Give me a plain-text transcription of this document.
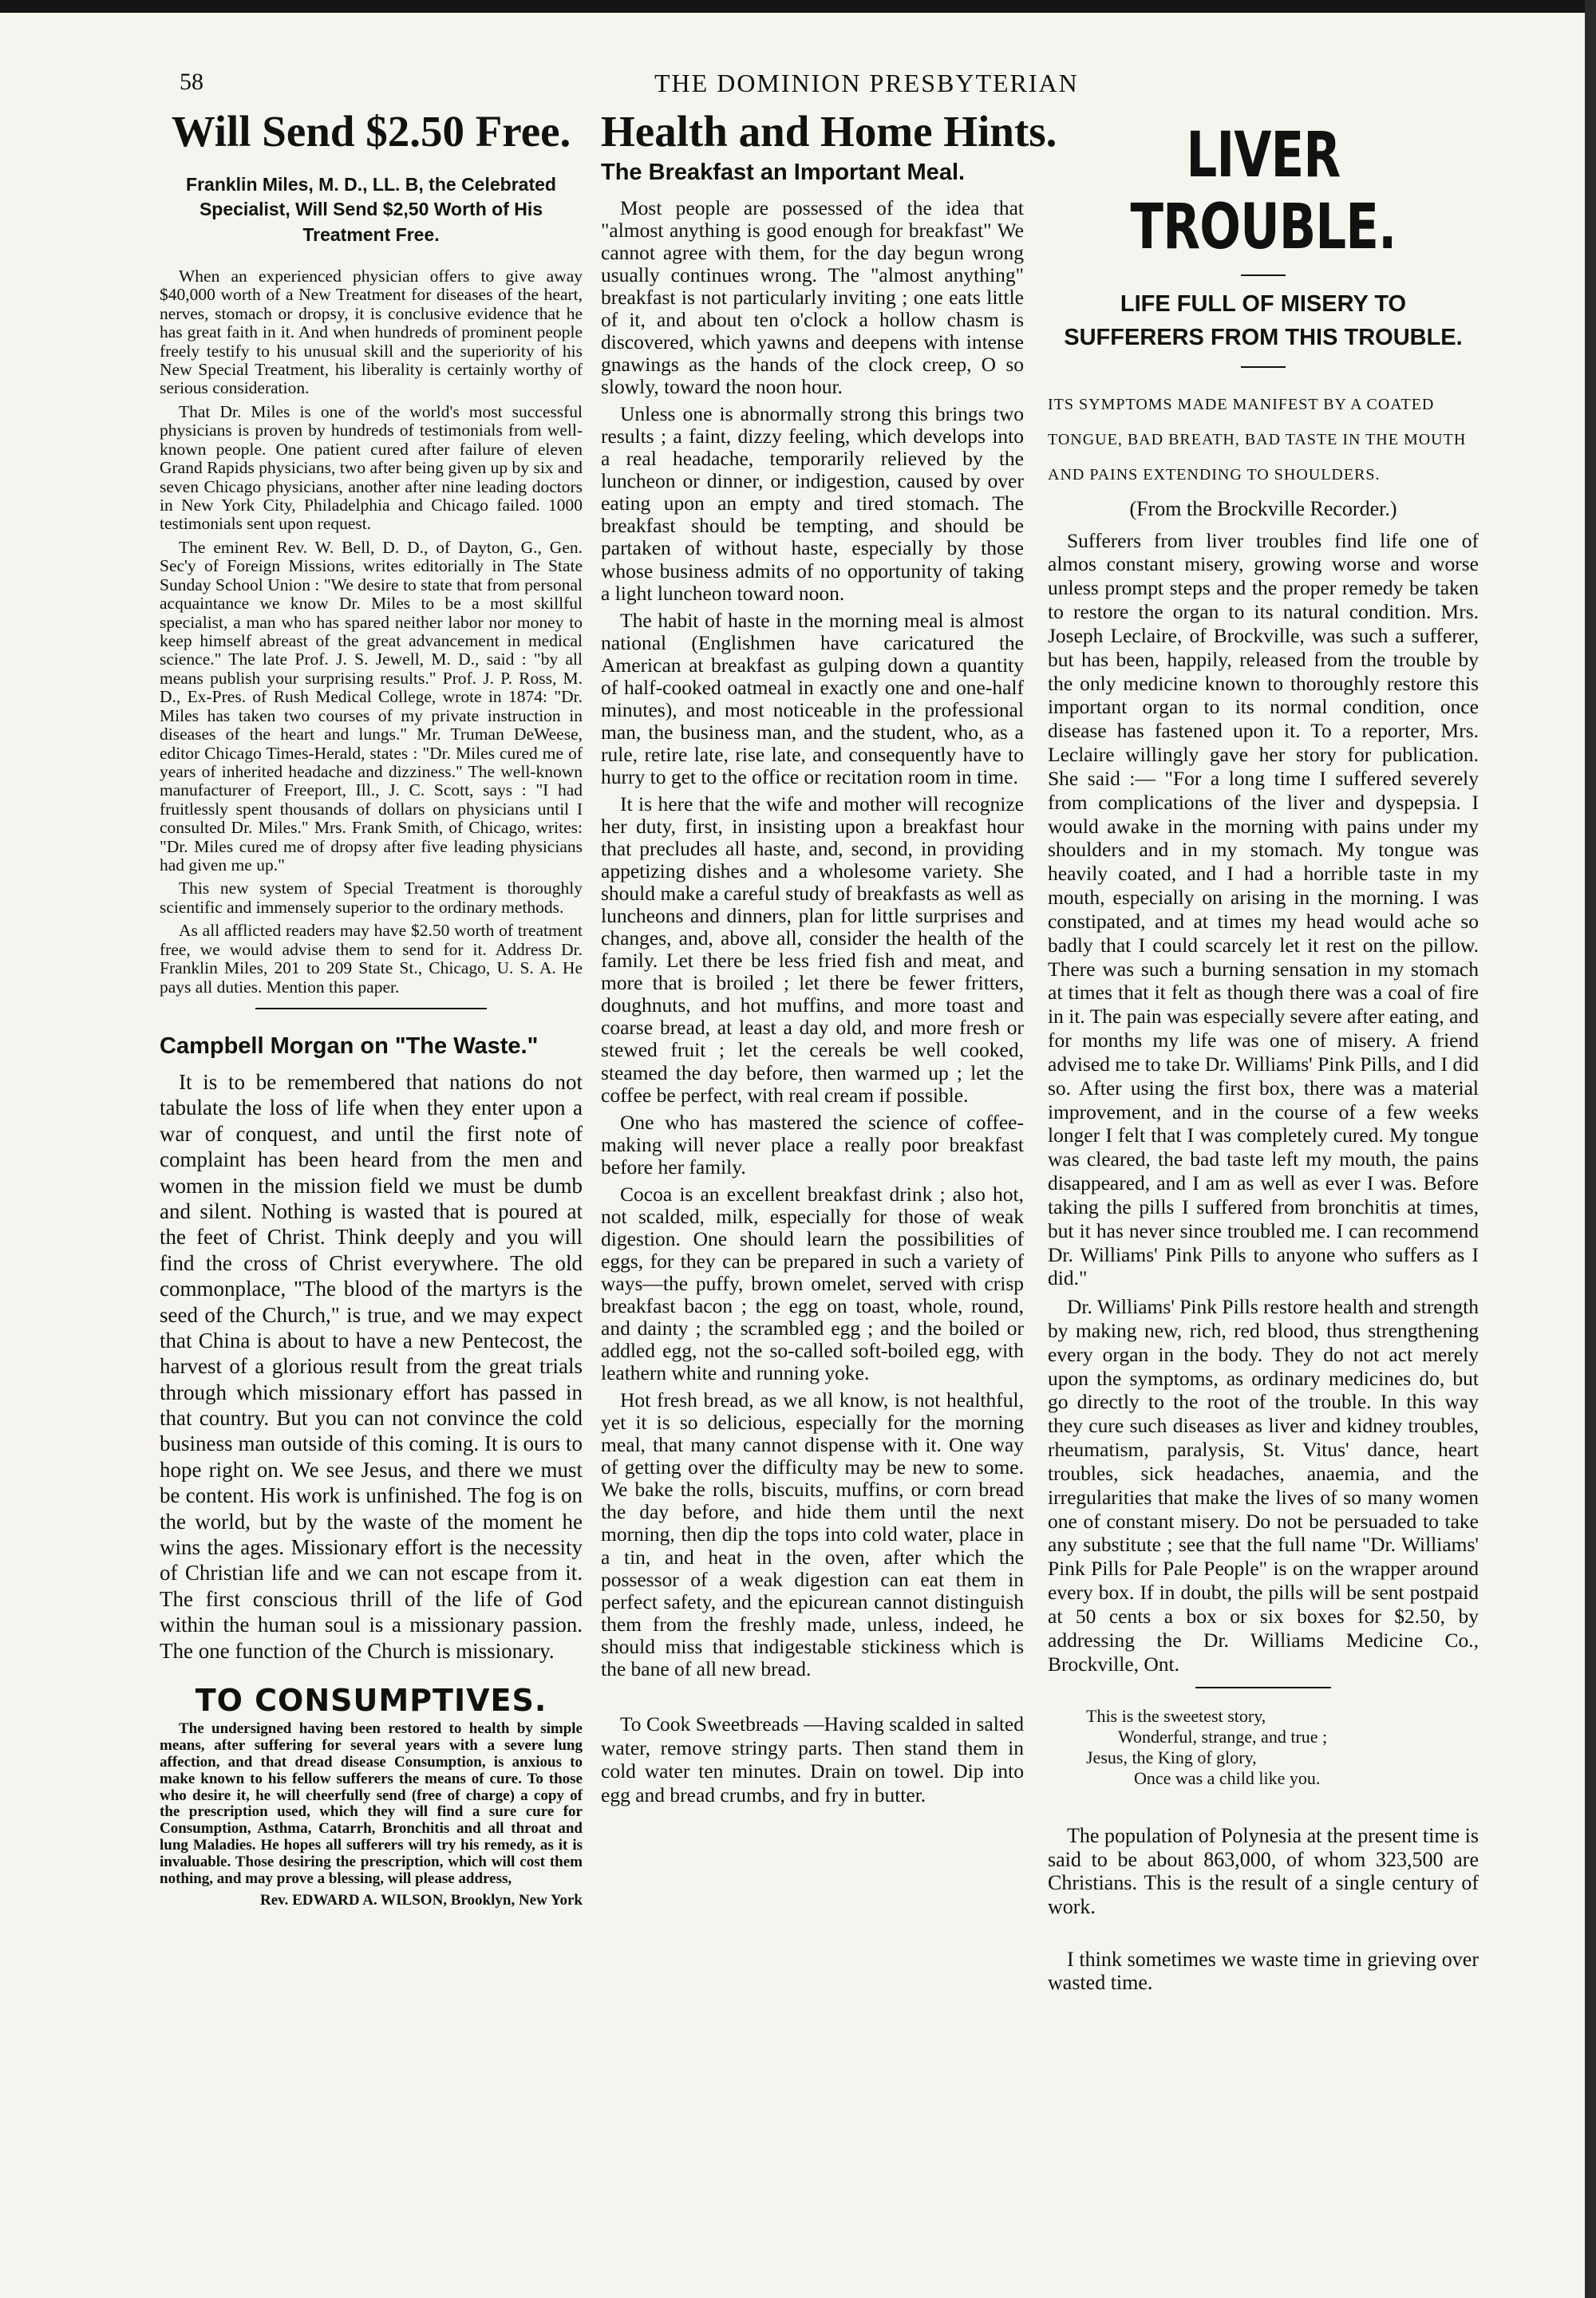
58	THE DOMINION PRESBYTERIAN
Will Send $2.50 Free.
Franklin Miles, M. D., LL. B, the Celebrated Specialist, Will Send $2,50 Worth of His Treatment Free.

When an experienced physician offers to give away $40,000 worth of a New Treatment for diseases of the heart, nerves, stomach or dropsy, it is conclusive evidence that he has great faith in it. And when hundreds of prominent people freely testify to his unusual skill and the superiority of his New Special Treatment, his liberality is certainly worthy of serious consideration.

That Dr. Miles is one of the world's most successful physicians is proven by hundreds of testimonials from well-known people. One patient cured after failure of eleven Grand Rapids physicians, two after being given up by six and seven Chicago physicians, another after nine leading doctors in New York City, Philadelphia and Chicago failed. 1000 testimonials sent upon request.

The eminent Rev. W. Bell, D. D., of Dayton, G., Gen. Sec'y of Foreign Missions, writes editorially in The State Sunday School Union : "We desire to state that from personal acquaintance we know Dr. Miles to be a most skillful specialist, a man who has spared neither labor nor money to keep himself abreast of the great advancement in medical science." The late Prof. J. S. Jewell, M. D., said : "by all means publish your surprising results." Prof. J. P. Ross, M. D., Ex-Pres. of Rush Medical College, wrote in 1874: "Dr. Miles has taken two courses of my private instruction in diseases of the heart and lungs." Mr. Truman DeWeese, editor Chicago Times-Herald, states : "Dr. Miles cured me of years of inherited headache and dizziness." The well-known manufacturer of Freeport, Ill., J. C. Scott, says : "I had fruitlessly spent thousands of dollars on physicians until I consulted Dr. Miles." Mrs. Frank Smith, of Chicago, writes: "Dr. Miles cured me of dropsy after five leading physicians had given me up."

This new system of Special Treatment is thoroughly scientific and immensely superior to the ordinary methods.

As all afflicted readers may have $2.50 worth of treatment free, we would advise them to send for it. Address Dr. Franklin Miles, 201 to 209 State St., Chicago, U. S. A. He pays all duties. Mention this paper.

Campbell Morgan on "The Waste."

It is to be remembered that nations do not tabulate the loss of life when they enter upon a war of conquest, and until the first note of complaint has been heard from the men and women in the mission field we must be dumb and silent. Nothing is wasted that is poured at the feet of Christ. Think deeply and you will find the cross of Christ everywhere. The old commonplace, "The blood of the martyrs is the seed of the Church," is true, and we may expect that China is about to have a new Pentecost, the harvest of a glorious result from the great trials through which missionary effort has passed in that country. But you can not convince the cold business man outside of this coming. It is ours to hope right on. We see Jesus, and there we must be content. His work is unfinished. The fog is on the world, but by the waste of the moment he wins the ages. Missionary effort is the necessity of Christian life and we can not escape from it. The first conscious thrill of the life of God within the human soul is a missionary passion. The one function of the Church is missionary.

TO CONSUMPTIVES.

The undersigned having been restored to health by simple means, after suffering for several years with a severe lung affection, and that dread disease Consumption, is anxious to make known to his fellow sufferers the means of cure. To those who desire it, he will cheerfully send (free of charge) a copy of the prescription used, which they will find a sure cure for Consumption, Asthma, Catarrh, Bronchitis and all throat and lung Maladies. He hopes all sufferers will try his remedy, as it is invaluable. Those desiring the prescription, which will cost them nothing, and may prove a blessing, will please address,

Rev. EDWARD A. WILSON, Brooklyn, New York
Health and Home Hints.
The Breakfast an Important Meal.

Most people are possessed of the idea that "almost anything is good enough for breakfast" We cannot agree with them, for the day begun wrong usually continues wrong. The "almost anything" breakfast is not particularly inviting ; one eats little of it, and about ten o'clock a hollow chasm is discovered, which yawns and deepens with intense gnawings as the hands of the clock creep, O so slowly, toward the noon hour.

Unless one is abnormally strong this brings two results ; a faint, dizzy feeling, which develops into a real headache, temporarily relieved by the luncheon or dinner, or indigestion, caused by over eating upon an empty and tired stomach. The breakfast should be tempting, and should be partaken of without haste, especially by those whose business admits of no opportunity of taking a light luncheon toward noon.

The habit of haste in the morning meal is almost national (Englishmen have caricatured the American at breakfast as gulping down a quantity of half-cooked oatmeal in exactly one and one-half minutes), and most noticeable in the professional man, the business man, and the student, who, as a rule, retire late, rise late, and consequently have to hurry to get to the office or recitation room in time.

It is here that the wife and mother will recognize her duty, first, in insisting upon a breakfast hour that precludes all haste, and, second, in providing appetizing dishes and a wholesome variety. She should make a careful study of breakfasts as well as luncheons and dinners, plan for little surprises and changes, and, above all, consider the health of the family. Let there be less fried fish and meat, and more that is broiled ; let there be fewer fritters, doughnuts, and hot muffins, and more toast and coarse bread, at least a day old, and more fresh or stewed fruit ; let the cereals be well cooked, steamed the day before, then warmed up ; let the coffee be perfect, with real cream if possible.

One who has mastered the science of coffee-making will never place a really poor breakfast before her family.

Cocoa is an excellent breakfast drink ; also hot, not scalded, milk, especially for those of weak digestion. One should learn the possibilities of eggs, for they can be prepared in such a variety of ways—the puffy, brown omelet, served with crisp breakfast bacon ; the egg on toast, whole, round, and dainty ; the scrambled egg ; and the boiled or addled egg, not the so-called soft-boiled egg, with leathern white and running yoke.

Hot fresh bread, as we all know, is not healthful, yet it is so delicious, especially for the morning meal, that many cannot dispense with it. One way of getting over the difficulty may be new to some. We bake the rolls, biscuits, muffins, or corn bread the day before, and hide them until the next morning, then dip the tops into cold water, place in a tin, and heat in the oven, after which the possessor of a weak digestion can eat them in perfect safety, and the epicurean cannot distinguish them from the freshly made, unless, indeed, he should miss that indigestable stickiness which is the bane of all new bread.

To Cook Sweetbreads —Having scalded in salted water, remove stringy parts. Then stand them in cold water ten minutes. Drain on towel. Dip into egg and bread crumbs, and fry in butter.

LIVER TROUBLE.
LIFE FULL OF MISERY TO SUFFERERS FROM THIS TROUBLE.
ITS SYMPTOMS MADE MANIFEST BY A COATED TONGUE, BAD BREATH, BAD TASTE IN THE MOUTH AND PAINS EXTENDING TO SHOULDERS.
(From the Brockville Recorder.)

Sufferers from liver troubles find life one of almos constant misery, growing worse and worse unless prompt steps and the proper remedy be taken to restore the organ to its natural condition. Mrs. Joseph Leclaire, of Brockville, was such a sufferer, but has been, happily, released from the trouble by the only medicine known to thoroughly restore this important organ to its normal condition, once disease has fastened upon it. To a reporter, Mrs. Leclaire willingly gave her story for publication. She said :— "For a long time I suffered severely from complications of the liver and dyspepsia. I would awake in the morning with pains under my shoulders and in my stomach. My tongue was heavily coated, and I had a horrible taste in my mouth, especially on arising in the morning. I was constipated, and at times my head would ache so badly that I could scarcely let it rest on the pillow. There was such a burning sensation in my stomach at times that it felt as though there was a coal of fire in it. The pain was especially severe after eating, and for months my life was one of misery. A friend advised me to take Dr. Williams' Pink Pills, and I did so. After using the first box, there was a material improvement, and in the course of a few weeks longer I felt that I was completely cured. My tongue was cleared, the bad taste left my mouth, the pains disappeared, and I am as well as ever I was. Before taking the pills I suffered from bronchitis at times, but it has never since troubled me. I can recommend Dr. Williams' Pink Pills to anyone who suffers as I did."

Dr. Williams' Pink Pills restore health and strength by making new, rich, red blood, thus strengthening every organ in the body. They do not act merely upon the symptoms, as ordinary medicines do, but go directly to the root of the trouble. In this way they cure such diseases as liver and kidney troubles, rheumatism, paralysis, St. Vitus' dance, heart troubles, sick headaches, anaemia, and the irregularities that make the lives of so many women one of constant misery. Do not be persuaded to take any substitute ; see that the full name "Dr. Williams' Pink Pills for Pale People" is on the wrapper around every box. If in doubt, the pills will be sent postpaid at 50 cents a box or six boxes for $2.50, by addressing the Dr. Williams Medicine Co., Brockville, Ont.

This is the sweetest story,
Wonderful, strange, and true ;
Jesus, the King of glory,
Once was a child like you.

The population of Polynesia at the present time is said to be about 863,000, of whom 323,500 are Christians. This is the result of a single century of work.

I think sometimes we waste time in grieving over wasted time.
